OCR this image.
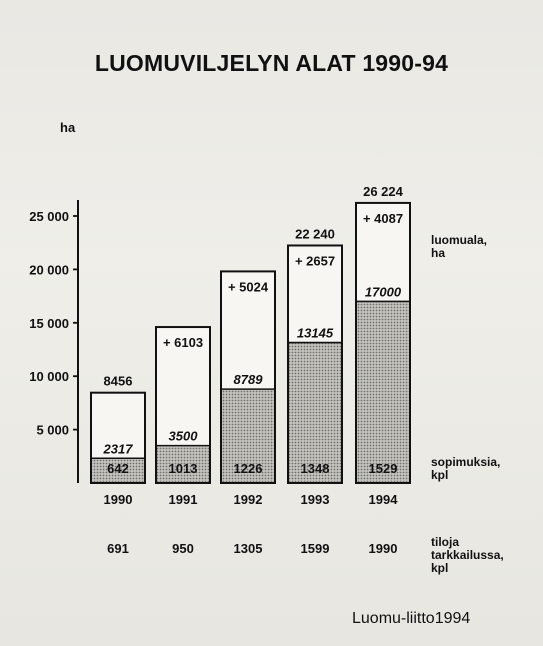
LUOMUVILJELYN ALAT 1990-94
ha
5 000
10 000
15 000
20 000
25 000
2317
642
8456
1990
691
3500
1013
+ 6103
1991
950
8789
1226
+ 5024
1992
1305
13145
1348
+ 2657
22 240
1993
1599
17000
1529
+ 4087
26 224
1994
1990
luomuala, ha
sopimuksia, kpl
tiloja tarkkailussa, kpl
Luomu-liitto1994
